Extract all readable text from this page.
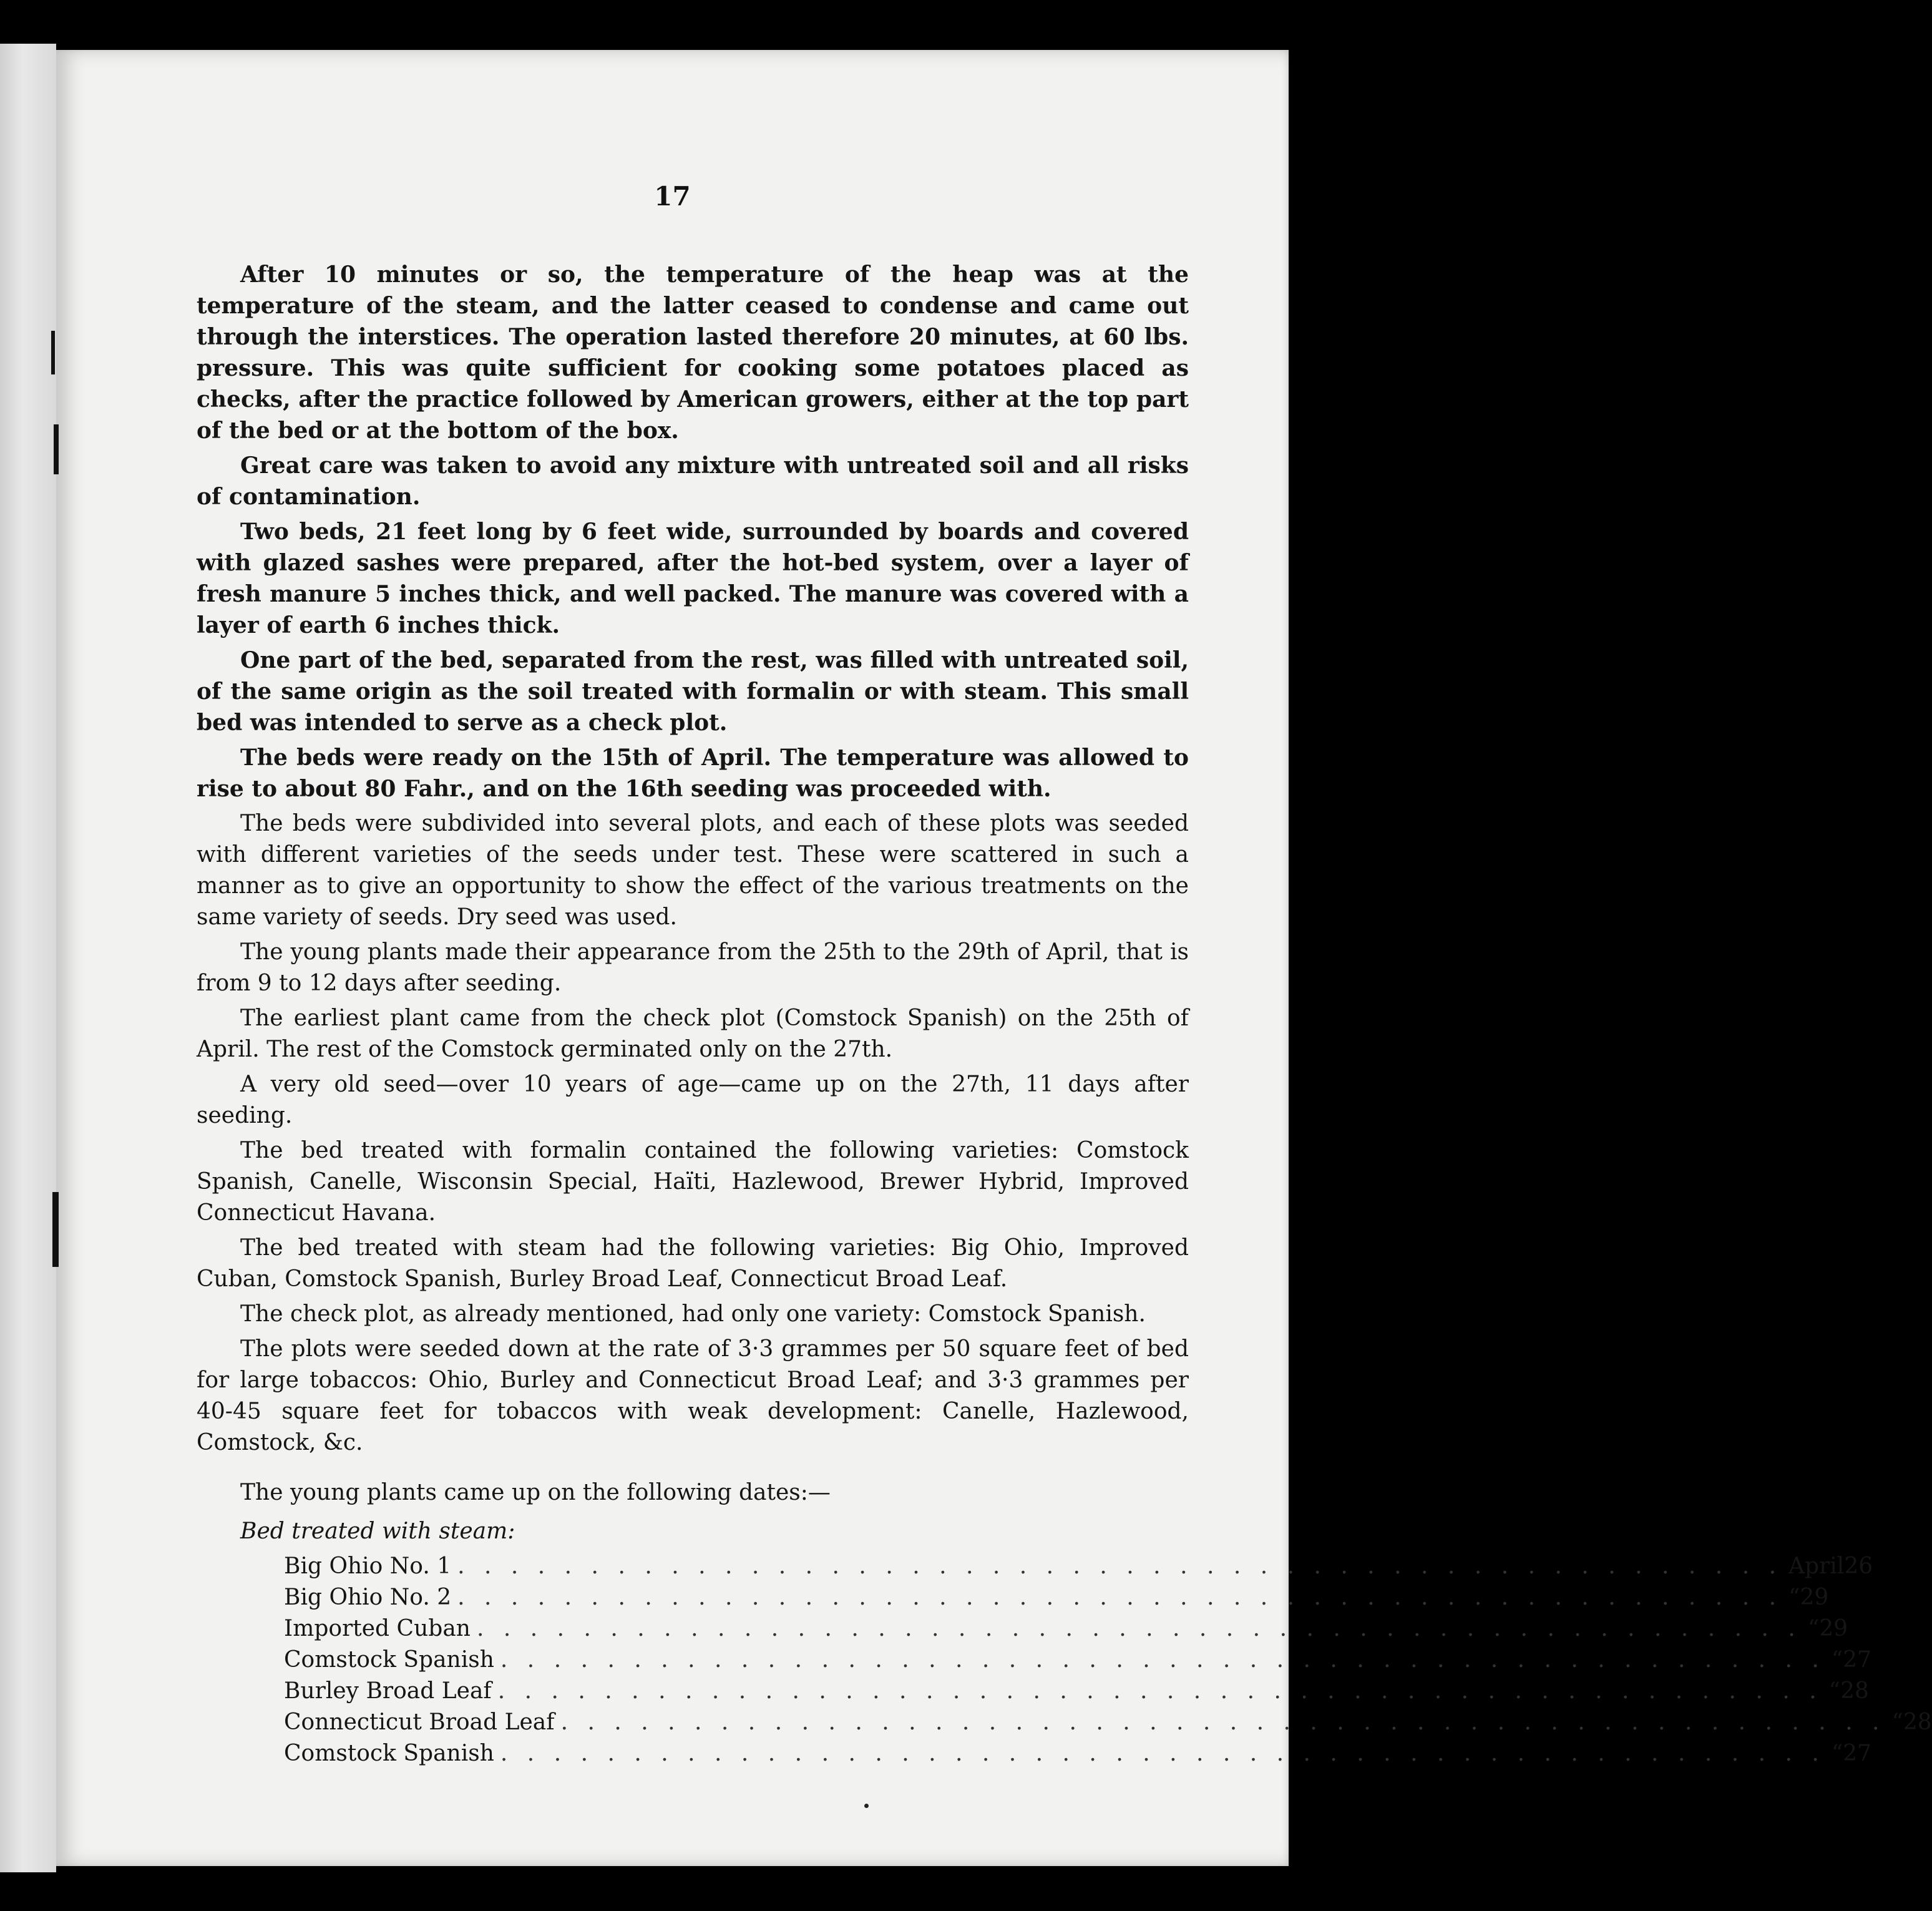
17

After 10 minutes or so, the temperature of the heap was at the temperature of the steam, and the latter ceased to condense and came out through the interstices. The operation lasted therefore 20 minutes, at 60 lbs. pressure. This was quite sufficient for cooking some potatoes placed as checks, after the practice followed by American growers, either at the top part of the bed or at the bottom of the box.

Great care was taken to avoid any mixture with untreated soil and all risks of contamination.

Two beds, 21 feet long by 6 feet wide, surrounded by boards and covered with glazed sashes were prepared, after the hot-bed system, over a layer of fresh manure 5 inches thick, and well packed. The manure was covered with a layer of earth 6 inches thick.

One part of the bed, separated from the rest, was filled with untreated soil, of the same origin as the soil treated with formalin or with steam. This small bed was intended to serve as a check plot.

The beds were ready on the 15th of April. The temperature was allowed to rise to about 80 Fahr., and on the 16th seeding was proceeded with.

The beds were subdivided into several plots, and each of these plots was seeded with different varieties of the seeds under test. These were scattered in such a manner as to give an opportunity to show the effect of the various treatments on the same variety of seeds. Dry seed was used.

The young plants made their appearance from the 25th to the 29th of April, that is from 9 to 12 days after seeding.

The earliest plant came from the check plot (Comstock Spanish) on the 25th of April. The rest of the Comstock germinated only on the 27th.

A very old seed—over 10 years of age—came up on the 27th, 11 days after seeding.

The bed treated with formalin contained the following varieties: Comstock Spanish, Canelle, Wisconsin Special, Haïti, Hazlewood, Brewer Hybrid, Improved Connecticut Havana.

The bed treated with steam had the following varieties: Big Ohio, Improved Cuban, Comstock Spanish, Burley Broad Leaf, Connecticut Broad Leaf.

The check plot, as already mentioned, had only one variety: Comstock Spanish.

The plots were seeded down at the rate of 3·3 grammes per 50 square feet of bed for large tobaccos: Ohio, Burley and Connecticut Broad Leaf; and 3·3 grammes per 40-45 square feet for tobaccos with weak development: Canelle, Hazlewood, Comstock, &c.

The young plants came up on the following dates:—

Bed treated with steam:
Big Ohio No. 1 . . . . . . . . . . . . . . . . . . . . . . . . . . . . . . . . . . . . . . . . . . . . . . . . . . April 26
Big Ohio No. 2 . . . . . . . . . . . . . . . . . . . . . . . . . . . . . . . . . . . . . . . . . . . . . . . . . . “ 29
Imported Cuban . . . . . . . . . . . . . . . . . . . . . . . . . . . . . . . . . . . . . . . . . . . . . . . . . . “ 29
Comstock Spanish . . . . . . . . . . . . . . . . . . . . . . . . . . . . . . . . . . . . . . . . . . . . . . . . . . “ 27
Burley Broad Leaf . . . . . . . . . . . . . . . . . . . . . . . . . . . . . . . . . . . . . . . . . . . . . . . . . . “ 28
Connecticut Broad Leaf . . . . . . . . . . . . . . . . . . . . . . . . . . . . . . . . . . . . . . . . . . . . . . . . . . “ 28
Comstock Spanish . . . . . . . . . . . . . . . . . . . . . . . . . . . . . . . . . . . . . . . . . . . . . . . . . . “ 27
